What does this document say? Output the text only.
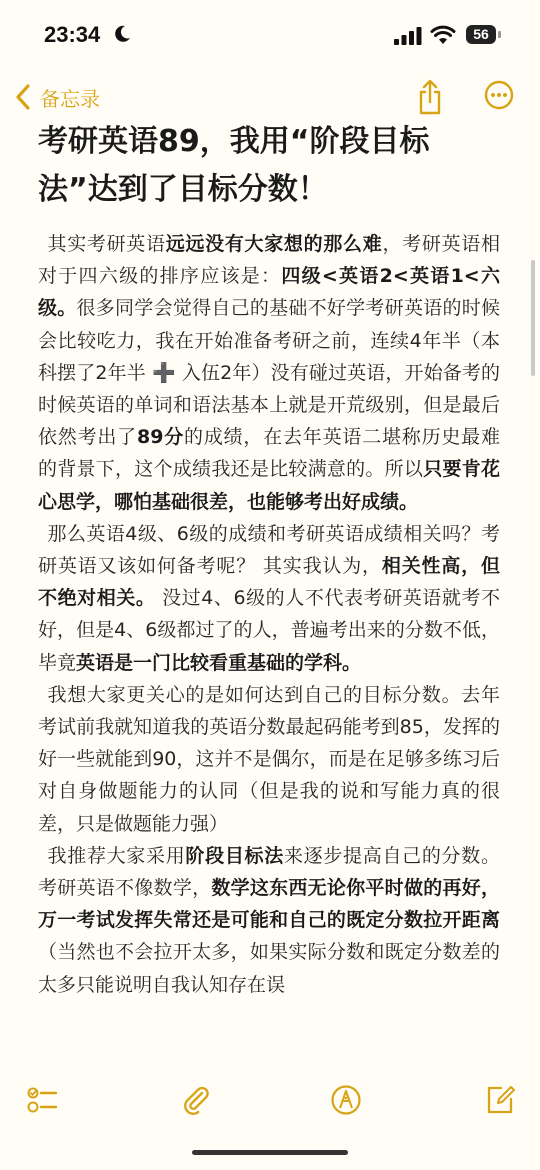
23:34	56
备忘录
考研英语89，我用“阶段目标法”达到了目标分数！

其实考研英语远远没有大家想的那么难，考研英语相对于四六级的排序应该是：四级<英语2<英语1<六级。很多同学会觉得自己的基础不好学考研英语的时候会比较吃力，我在开始准备考研之前，连续4年半（本科摆了2年半 ➕ 入伍2年）没有碰过英语，开始备考的时候英语的单词和语法基本上就是开荒级别，但是最后依然考出了89分的成绩，在去年英语二堪称历史最难的背景下，这个成绩我还是比较满意的。所以只要肯花心思学，哪怕基础很差，也能够考出好成绩。

那么英语4级、6级的成绩和考研英语成绩相关吗？考研英语又该如何备考呢？ 其实我认为，相关性高，但不绝对相关。 没过4、6级的人不代表考研英语就考不好，但是4、6级都过了的人，普遍考出来的分数不低，毕竟英语是一门比较看重基础的学科。

我想大家更关心的是如何达到自己的目标分数。去年考试前我就知道我的英语分数最起码能考到85，发挥的好一些就能到90，这并不是偶尔，而是在足够多练习后对自身做题能力的认同（但是我的说和写能力真的很差，只是做题能力强）

我推荐大家采用阶段目标法来逐步提高自己的分数。考研英语不像数学，数学这东西无论你平时做的再好，万一考试发挥失常还是可能和自己的既定分数拉开距离（当然也不会拉开太多，如果实际分数和既定分数差的太多只能说明自我认知存在误
